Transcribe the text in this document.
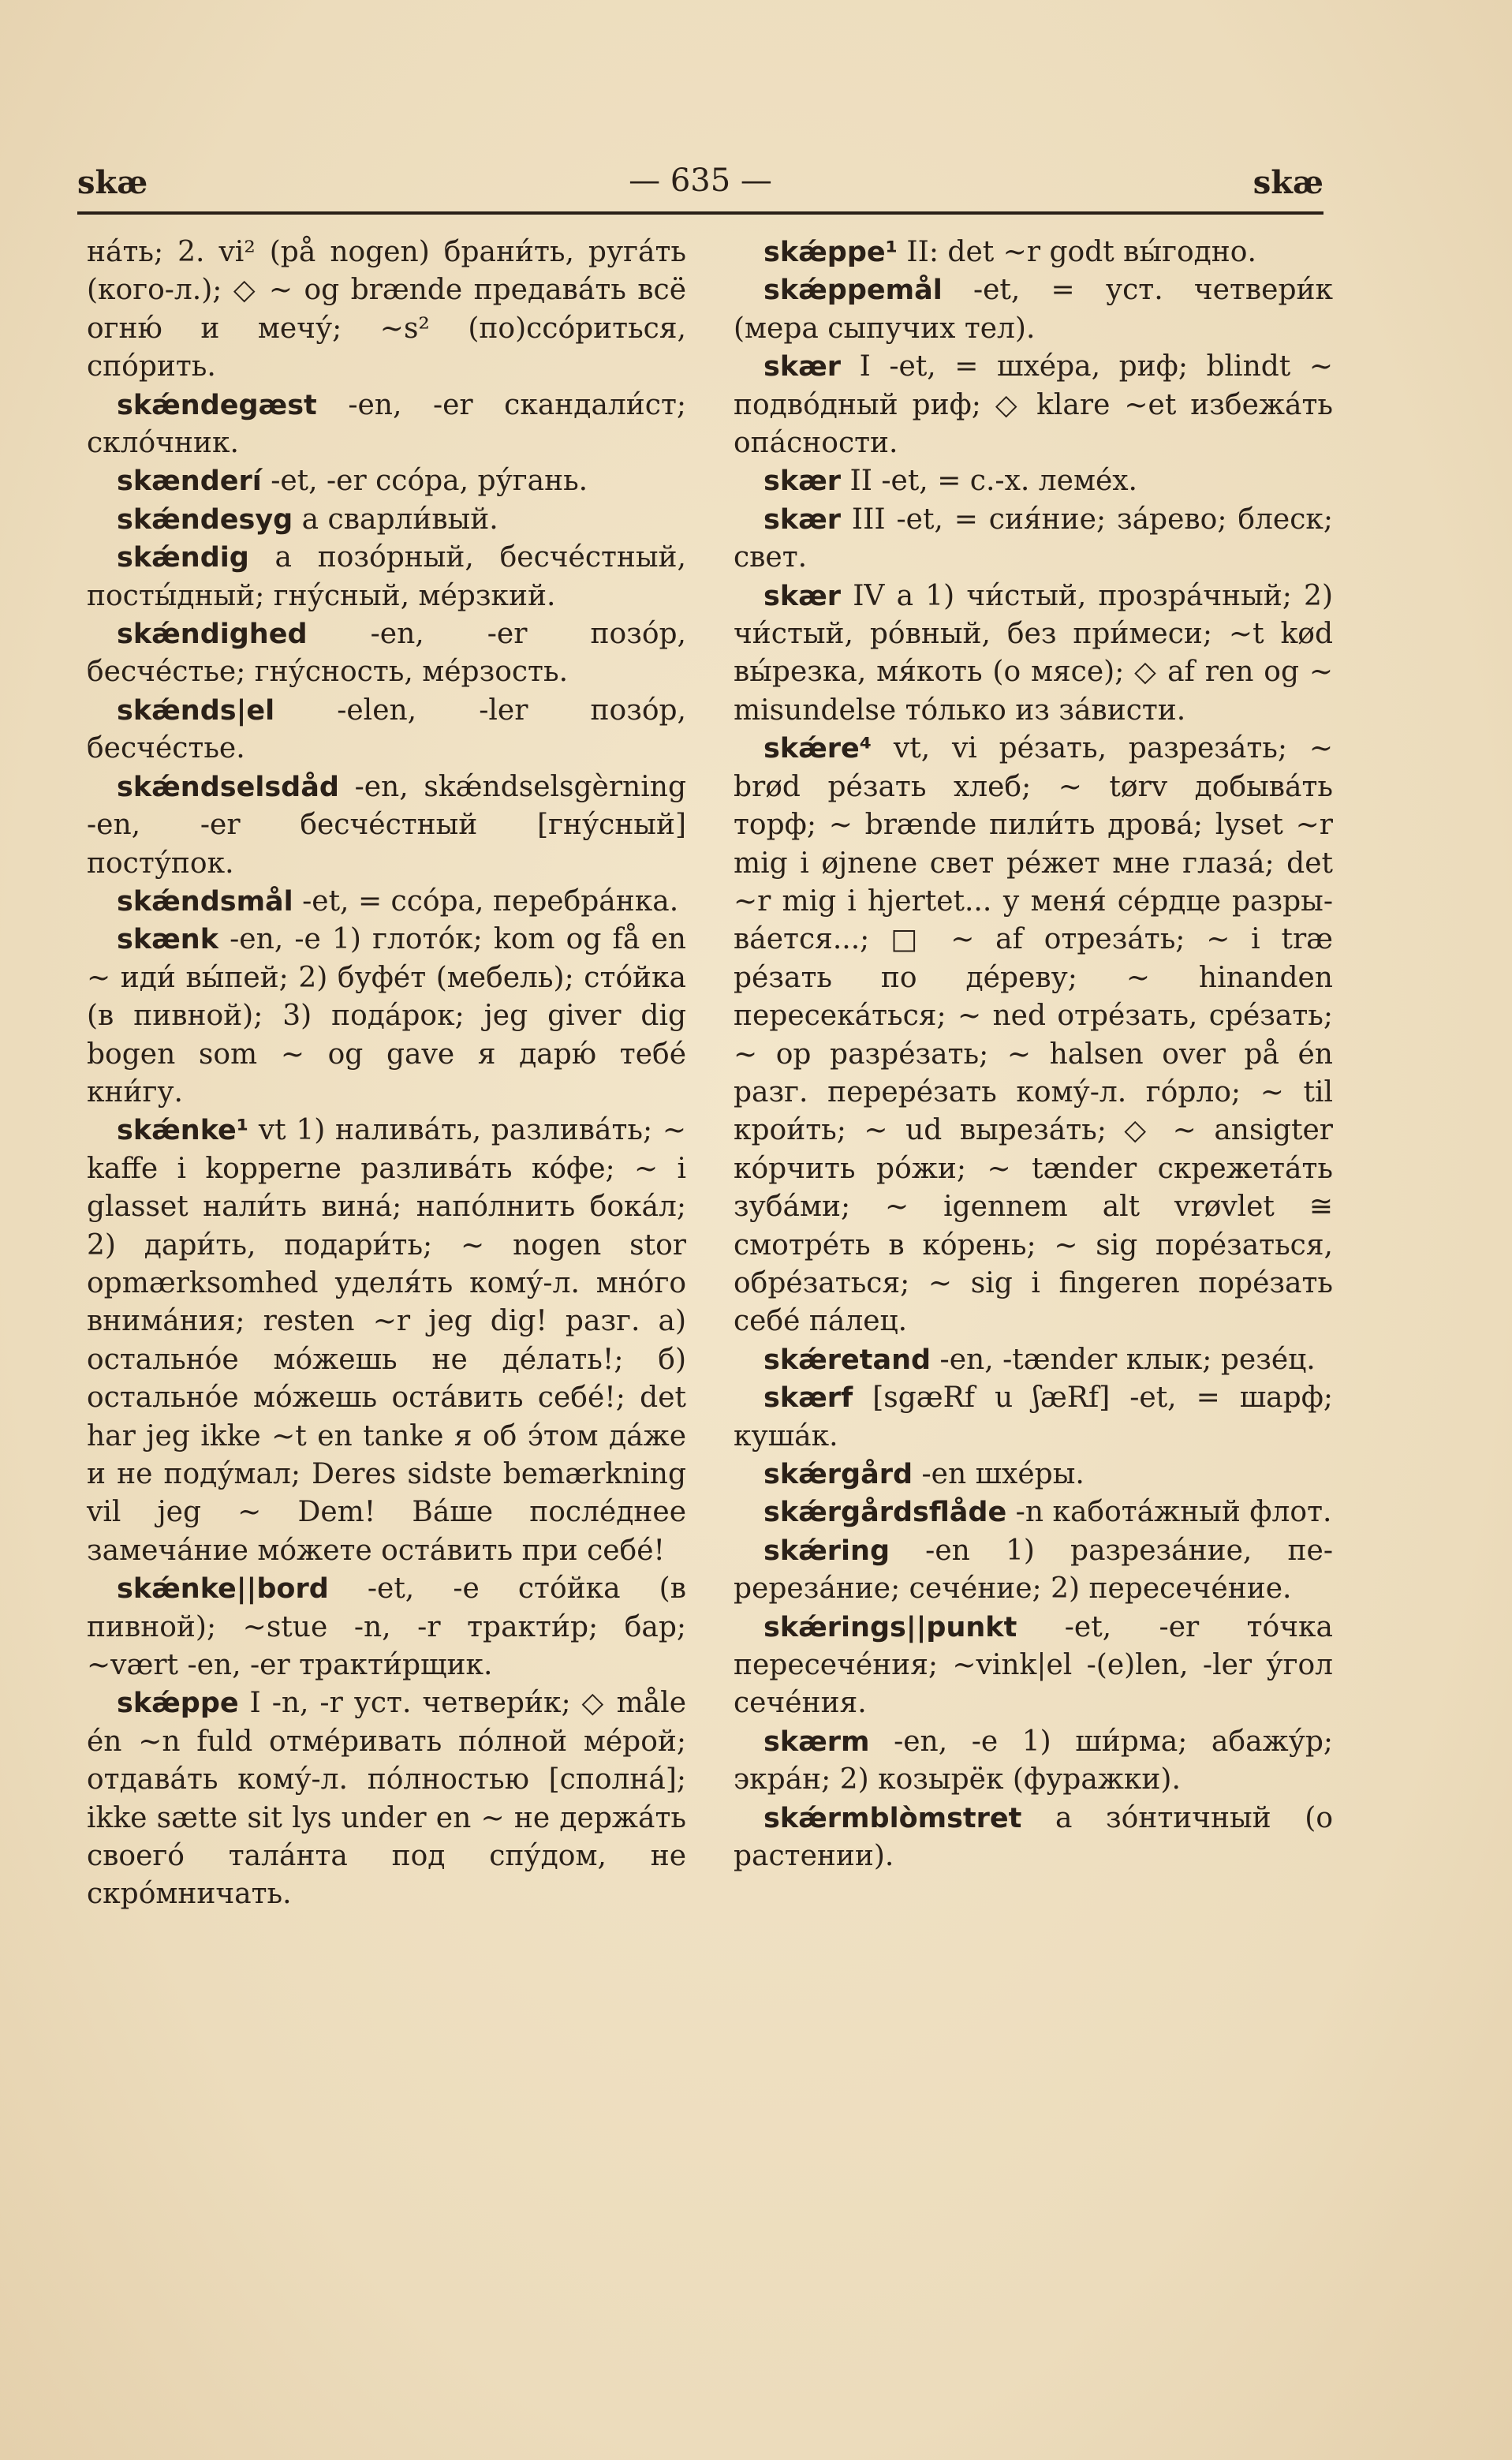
skæ	— 635 —	skæ

на́ть; 2. vi² (på nogen) брани́ть, руга́ть (кого-л.); ◇ ~ og brænde предава́ть всё огню́ и мечу́; ~s² (по)ссо́риться, спо́рить.

skǽndegæst -en, -er скандали́ст; скло́чник.

skænderí -et, -er ссо́ра, ру́гань.

skǽndesyg a сварли́вый.

skǽndig a позо́рный, бесче́стный, посты́дный; гну́сный, ме́рзкий.

skǽndighed -en, -er позо́р, бесче́стье; гну́сность, ме́рзость.

skǽnds|el -elen, -ler позо́р, бесче́стье.

skǽndselsdåd -en, skǽndselsgèrning -en, -er бесче́стный [гну́сный] посту́пок.

skǽndsmål -et, = ссо́ра, перебра́нка.

skænk -en, -e 1) глото́к; kom og få en ~ иди́ вы́пей; 2) буфе́т (мебель); сто́йка (в пивной); 3) пода́рок; jeg giver dig bogen som ~ og gave я дарю́ тебе́ кни́гу.

skǽnke¹ vt 1) налива́ть, разлива́ть; ~ kaffe i kopperne разлива́ть ко́фе; ~ i glasset нали́ть вина́; напо́лнить бока́л; 2) дари́ть, подари́ть; ~ nogen stor opmærksomhed уделя́ть кому́-л. мно́го внима́ния; resten ~r jeg dig! разг. а) остально́е мо́жешь не де́лать!; б) остально́е мо́жешь оста́вить себе́!; det har jeg ikke ~t en tanke я об э́том да́же и не поду́мал; Deres sidste bemærkning vil jeg ~ Dem! Ва́ше после́днее замеча́ние мо́жете оста́вить при себе́!

skǽnke||bord -et, -e сто́йка (в пивной); ~stue -n, -r тракти́р; бар; ~vært -en, -er тракти́рщик.

skǽppe I -n, -r уст. четвери́к; ◇ måle én ~n fuld отме́ривать по́лной ме́рой; отдава́ть кому́-л. по́лностью [сполна́]; ikke sætte sit lys under en ~ не держа́ть своего́ тала́нта под спу́дом, не скро́мничать.

skǽppe¹ II: det ~r godt вы́годно.

skǽppemål -et, = уст. четвери́к (мера сыпучих тел).

skær I -et, = шхе́ра, риф; blindt ~ подво́дный риф; ◇ klare ~et избежа́ть опа́сности.

skær II -et, = с.-х. леме́х.

skær III -et, = сия́ние; за́рево; блеск; свет.

skær IV a 1) чи́стый, прозра́чный; 2) чи́стый, ро́вный, без при́меси; ~t kød вы́резка, мя́коть (о мясе); ◇ af ren og ~ misundelse то́лько из за́висти.

skǽre⁴ vt, vi ре́зать, разреза́ть; ~ brød ре́зать хлеб; ~ tørv добыва́ть торф; ~ brænde пили́ть дрова́; lyset ~r mig i øjnene свет ре́жет мне глаза́; det ~r mig i hjertet... у меня́ се́рдце разрыва́ется...; □ ~ af отреза́ть; ~ i træ ре́зать по де́реву; ~ hinanden пересека́ться; ~ ned отре́зать, сре́зать; ~ op разре́зать; ~ halsen over på én разг. перере́зать кому́-л. го́рло; ~ til крои́ть; ~ ud выреза́ть; ◇ ~ ansigter ко́рчить ро́жи; ~ tænder скрежета́ть зуба́ми; ~ igennem alt vrøvlet ≅ смотре́ть в ко́рень; ~ sig поре́заться, обре́заться; ~ sig i fingeren поре́зать себе́ па́лец.

skǽretand -en, -tænder клык; резе́ц.

skærf [sgæRf u ʃæRf] -et, = шарф; куша́к.

skǽrgård -en шхе́ры.

skǽrgårdsflåde -n каботáжный флот.

skǽring -en 1) разреза́ние, перереза́ние; сече́ние; 2) пересече́ние.

skǽrings||punkt -et, -er то́чка пересече́ния; ~vink|el -(e)len, -ler у́гол сече́ния.

skærm -en, -e 1) ши́рма; абажу́р; экра́н; 2) козырёк (фуражки).

skǽrmblòmstret a зо́нтичный (о растении).
